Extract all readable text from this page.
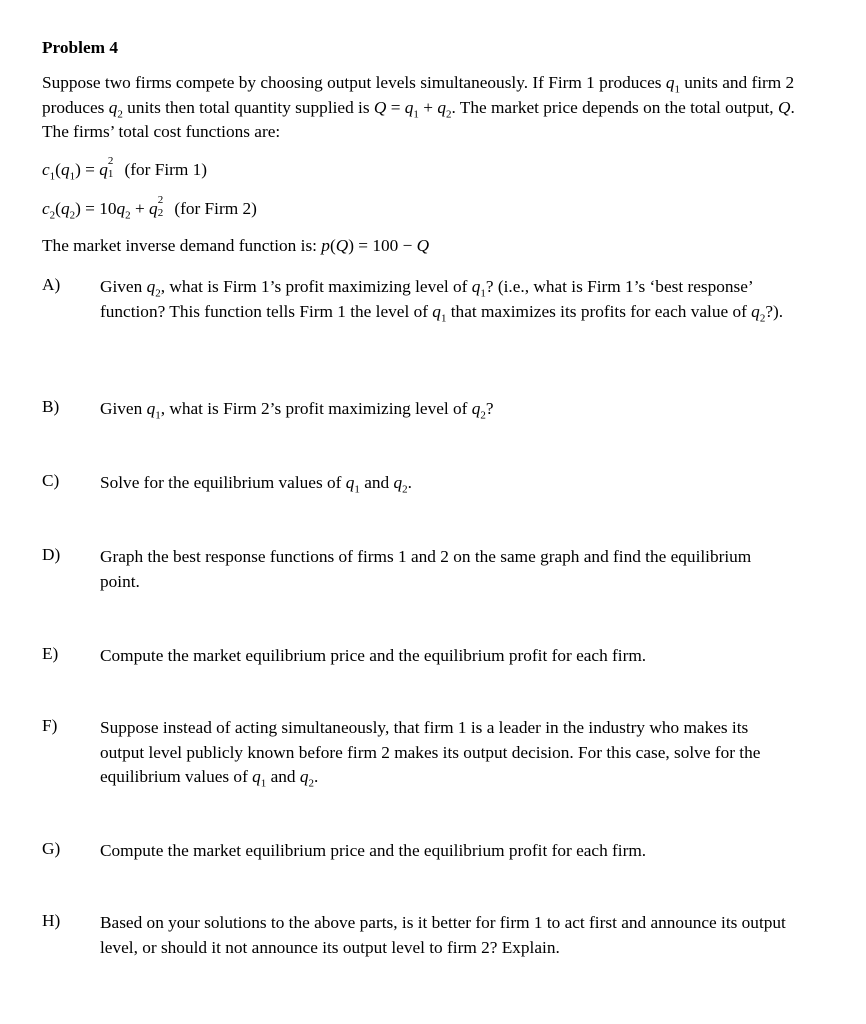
Problem 4
Suppose two firms compete by choosing output levels simultaneously. If Firm 1 produces $q_1$ units and firm 2 produces $q_2$ units then total quantity supplied is $Q = q_1 + q_2$. The market price depends on the total output, Q. The firms’ total cost functions are:
$c_1(q_1) = q$ 2
1 (for Firm 1)
$c_2(q_2) = 10q_2 + q$ 2
2 (for Firm 2)
The market inverse demand function is: p(Q) = 100 − Q
A) Given $q_2$, what is Firm 1’s profit maximizing level of $q_1$? (i.e., what is Firm 1’s ‘best response’ function? This function tells Firm 1 the level of $q_1$ that maximizes its profits for each value of $q_2$?).
B) Given $q_1$, what is Firm 2’s profit maximizing level of $q_2$?
C) Solve for the equilibrium values of $q_1$ and $q_2$.
D) Graph the best response functions of firms 1 and 2 on the same graph and find the equilibrium point.
E) Compute the market equilibrium price and the equilibrium profit for each firm.
F) Suppose instead of acting simultaneously, that firm 1 is a leader in the industry who makes its output level publicly known before firm 2 makes its output decision. For this case, solve for the equilibrium values of $q_1$ and $q_2$.
G) Compute the market equilibrium price and the equilibrium profit for each firm.
H) Based on your solutions to the above parts, is it better for firm 1 to act first and announce its output level, or should it not announce its output level to firm 2? Explain.
